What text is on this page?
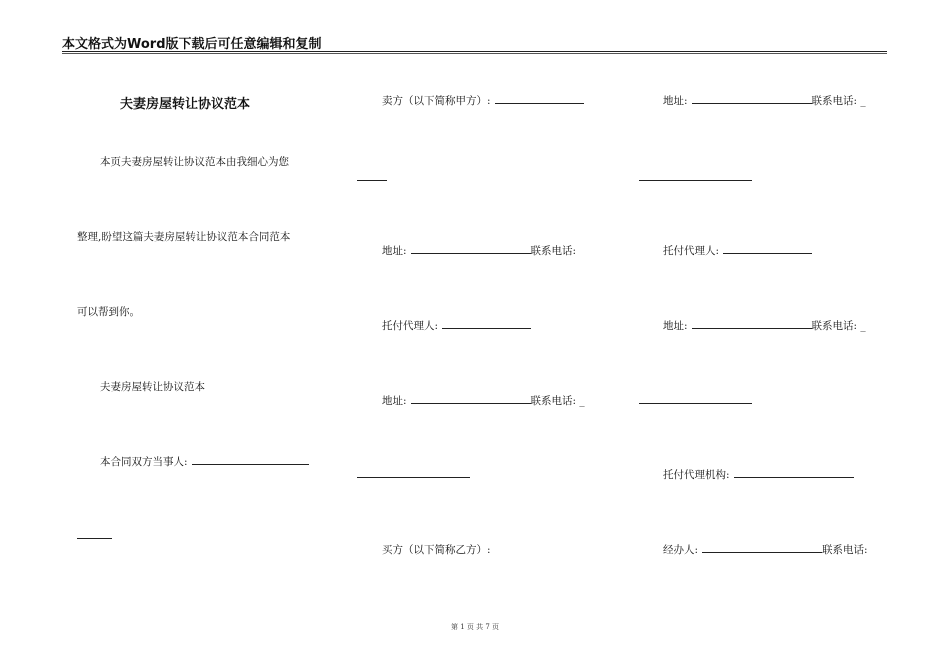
本文格式为Word版下载后可任意编辑和复制
夫妻房屋转让协议范本
本页夫妻房屋转让协议范本由我细心为您
整理,盼望这篇夫妻房屋转让协议范本合同范本
可以帮到你。
夫妻房屋转让协议范本
本合同双方当事人:
卖方（以下简称甲方）:
地址:	联系电话:
托付代理人:
地址:	联系电话: _
买方（以下简称乙方）:
地址:	联系电话: _
托付代理人:
地址:	联系电话: _
托付代理机构:
经办人:	联系电话:
第 1 页 共 7 页
